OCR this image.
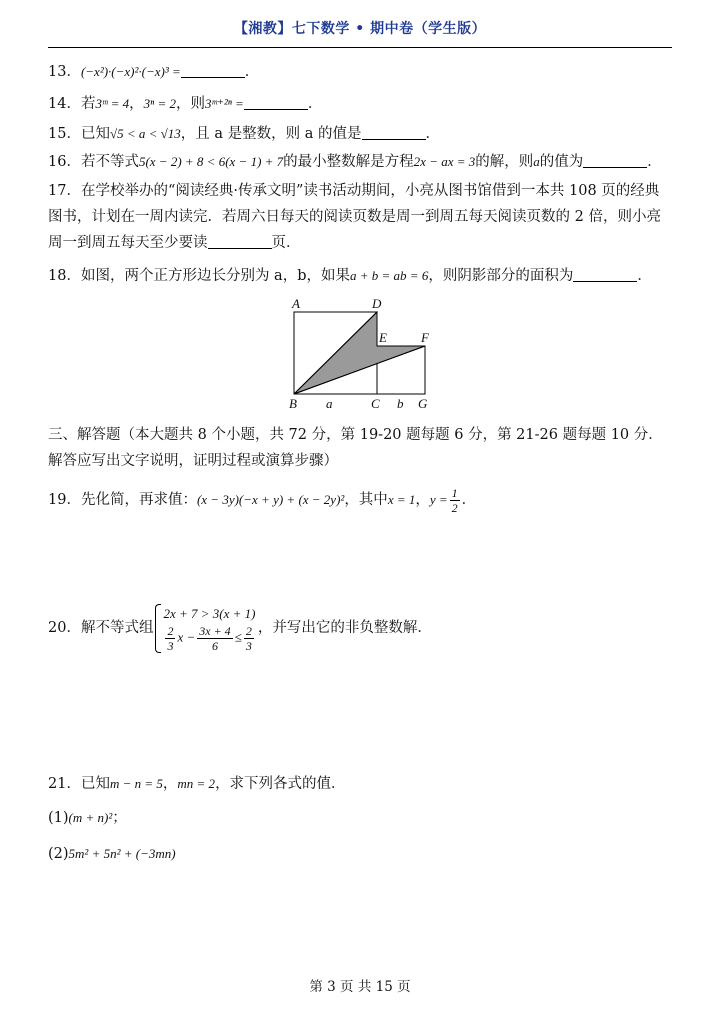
【湘教】七下数学 • 期中卷（学生版）
13．(−x²)·(−x)²·(−x)³ =	．
14．若3ᵐ = 4，3ⁿ = 2，则3ᵐ⁺²ⁿ =	．
15．已知√5 < a < √13，且 a 是整数，则 a 的值是	．
16．若不等式5(x − 2) + 8 < 6(x − 1) + 7的最小整数解是方程2x − ax = 3的解，则a的值为	．
17．在学校举办的“阅读经典·传承文明”读书活动期间，小亮从图书馆借到一本共 108 页的经典图书，计划在一周内读完．若周六日每天的阅读页数是周一到周五每天阅读页数的 2 倍，则小亮周一到周五每天至少要读	页．
18．如图，两个正方形边长分别为 a，b，如果a + b = ab = 6，则阴影部分的面积为	．
A	D
E	F
B a	C b G
三、解答题（本大题共 8 个小题，共 72 分，第 19-20 题每题 6 分，第 21-26 题每题 10 分．解答应写出文字说明，证明过程或演算步骤）
19．先化简，再求值：(x − 3y)(−x + y) + (x − 2y)²，其中x = 1，$y = \frac{1}{2}$ ．
20．解不等式组
2x + 7 > 3(x + 1)
$\frac{2}{3}$ $x - \frac{3x + 4}{6} \le \frac{2}{3}$ ，并写出它的非负整数解．
21．已知m − n = 5，mn = 2，求下列各式的值．
(1)(m + n)²；
(2)5m² + 5n² + (−3mn)
第 3 页 共 15 页
